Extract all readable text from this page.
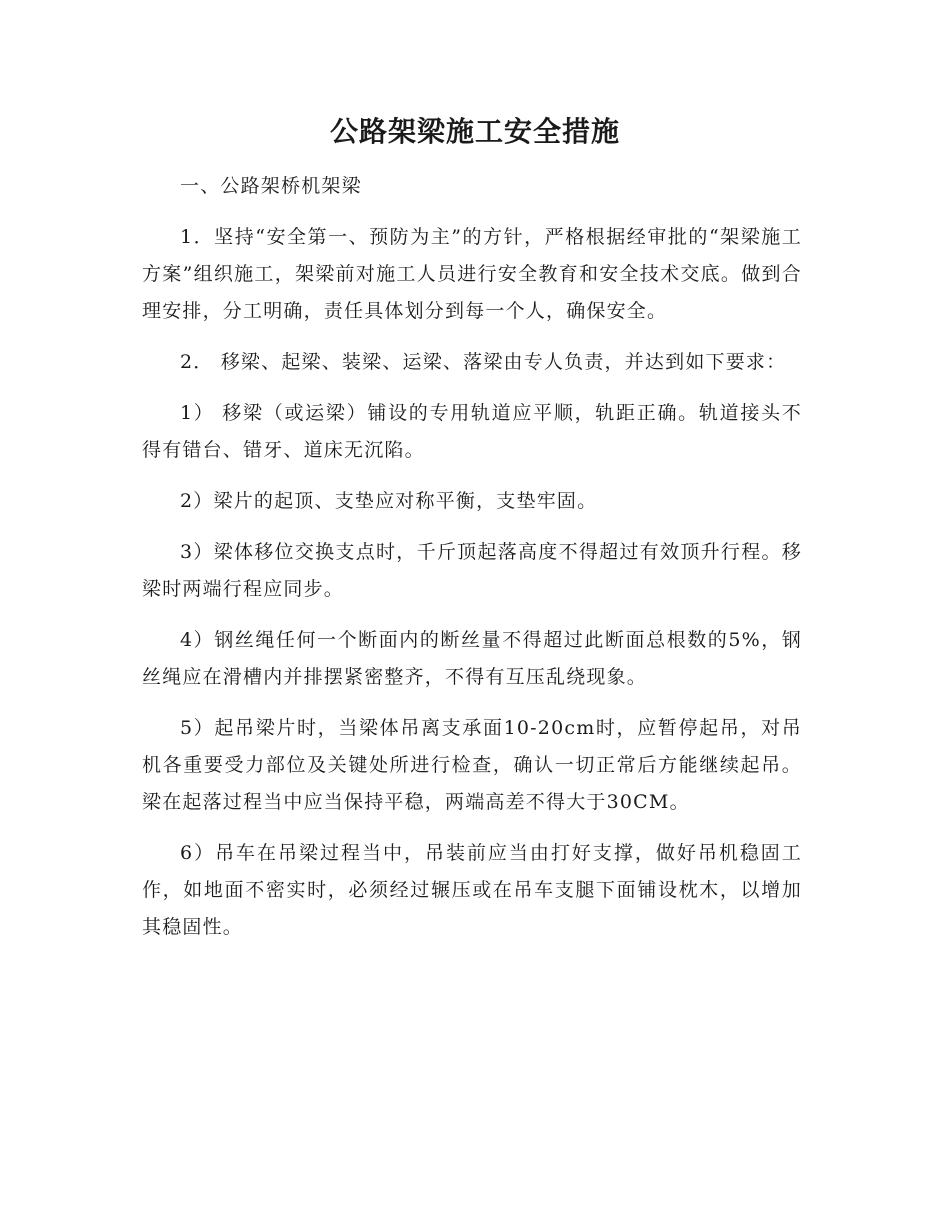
公路架梁施工安全措施

一、公路架桥机架梁

1．坚持“安全第一、预防为主”的方针，严格根据经审批的“架梁施工方案”组织施工，架梁前对施工人员进行安全教育和安全技术交底。做到合理安排，分工明确，责任具体划分到每一个人，确保安全。

2． 移梁、起梁、装梁、运梁、落梁由专人负责，并达到如下要求：

1） 移梁（或运梁）铺设的专用轨道应平顺，轨距正确。轨道接头不得有错台、错牙、道床无沉陷。

2）梁片的起顶、支垫应对称平衡，支垫牢固。

3）梁体移位交换支点时，千斤顶起落高度不得超过有效顶升行程。移梁时两端行程应同步。

4）钢丝绳任何一个断面内的断丝量不得超过此断面总根数的5%，钢丝绳应在滑槽内并排摆紧密整齐，不得有互压乱绕现象。

5）起吊梁片时，当梁体吊离支承面10-20cm时，应暂停起吊，对吊机各重要受力部位及关键处所进行检查，确认一切正常后方能继续起吊。梁在起落过程当中应当保持平稳，两端高差不得大于30CM。

6）吊车在吊梁过程当中，吊装前应当由打好支撑，做好吊机稳固工作，如地面不密实时，必须经过辗压或在吊车支腿下面铺设枕木，以增加其稳固性。
